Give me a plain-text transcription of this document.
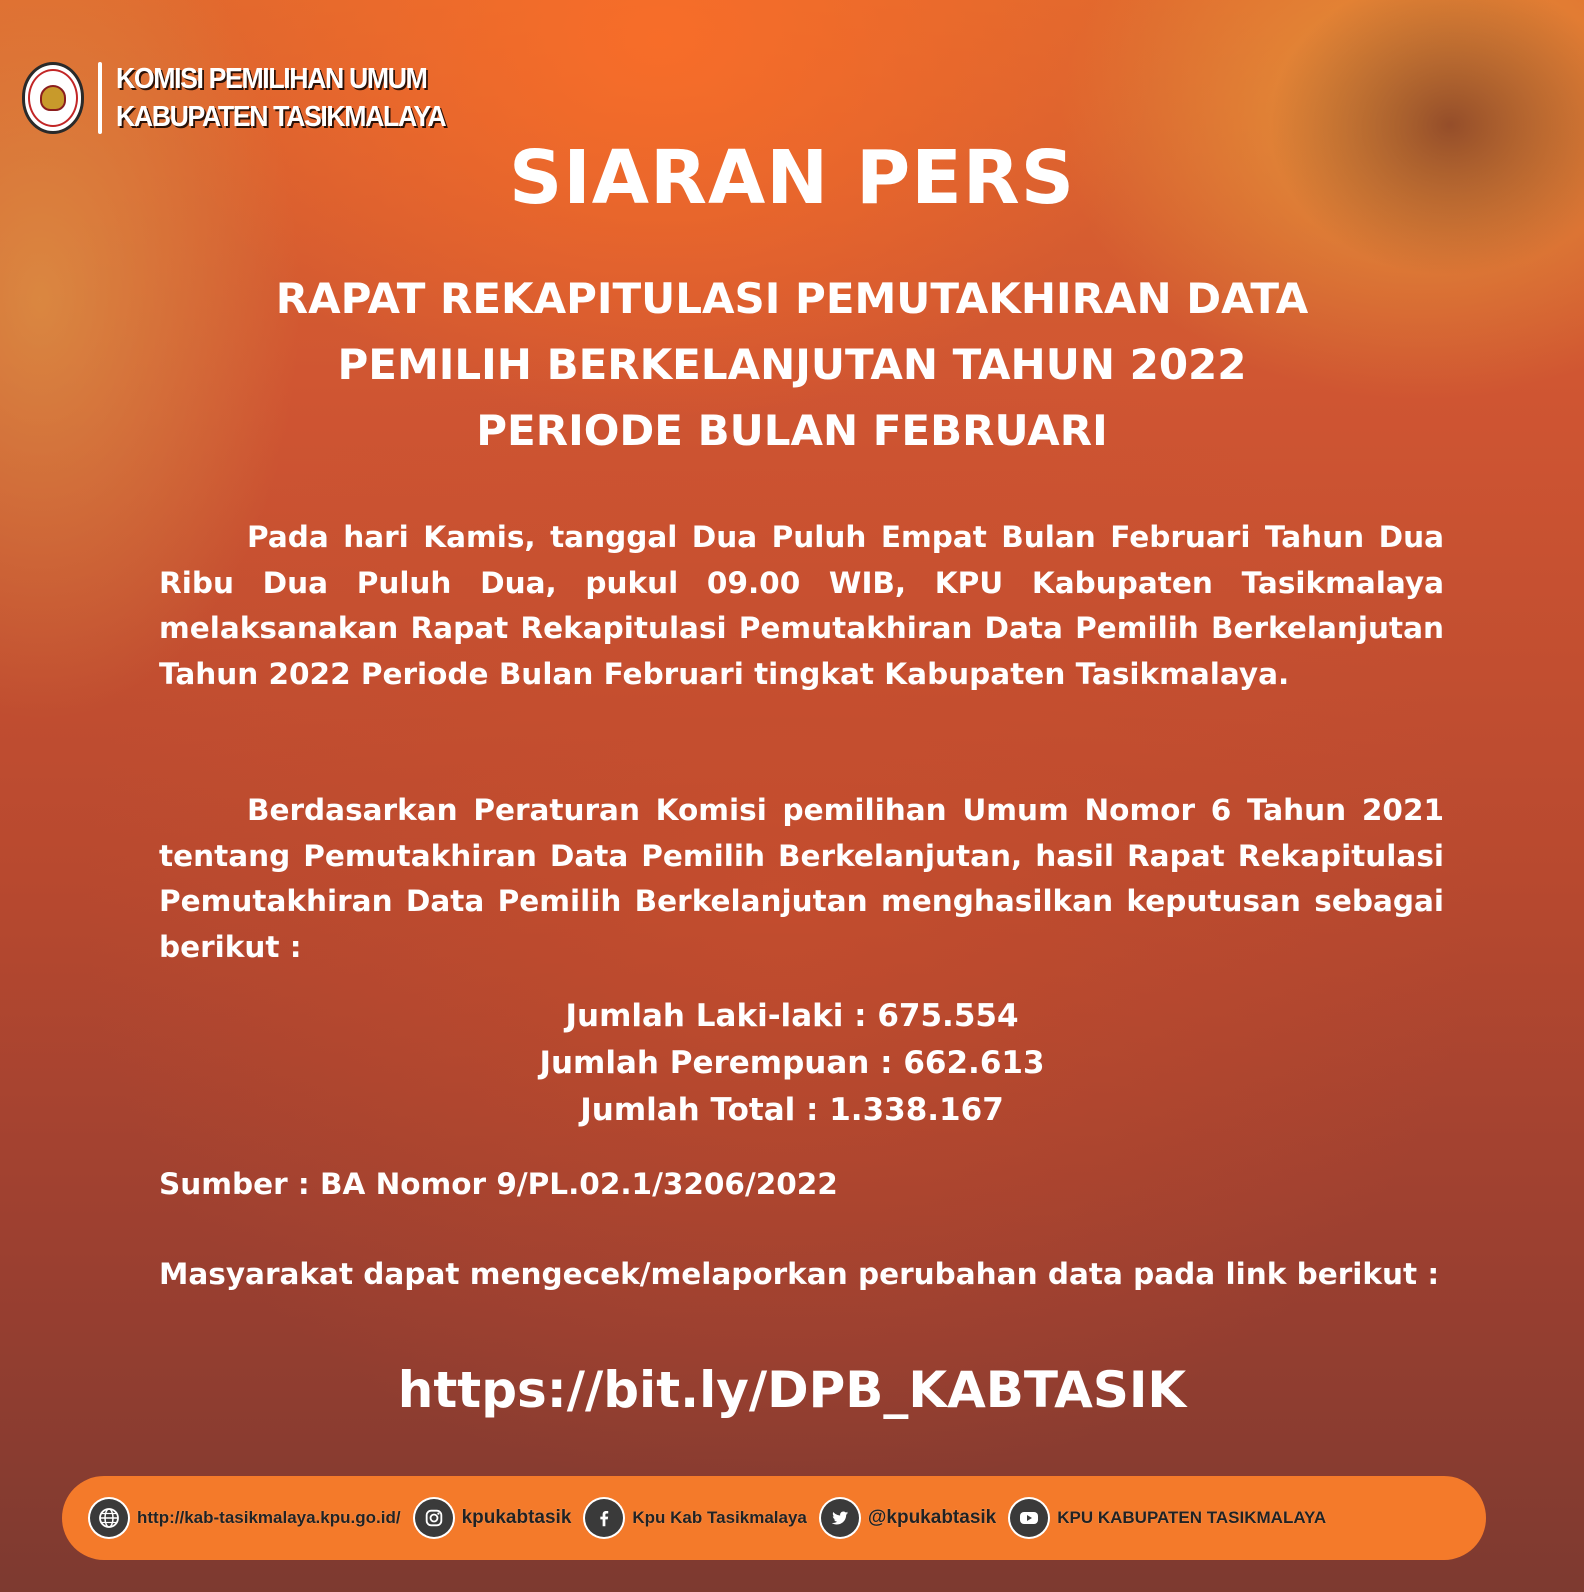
KOMISI PEMILIHAN UMUM
KABUPATEN TASIKMALAYA
SIARAN PERS
RAPAT REKAPITULASI PEMUTAKHIRAN DATA
PEMILIH BERKELANJUTAN TAHUN 2022
PERIODE BULAN FEBRUARI
Pada hari Kamis, tanggal Dua Puluh Empat Bulan Februari Tahun Dua Ribu Dua Puluh Dua, pukul 09.00 WIB, KPU Kabupaten Tasikmalaya melaksanakan Rapat Rekapitulasi Pemutakhiran Data Pemilih Berkelanjutan Tahun 2022 Periode Bulan Februari tingkat Kabupaten Tasikmalaya.
Berdasarkan Peraturan Komisi pemilihan Umum Nomor 6 Tahun 2021 tentang Pemutakhiran Data Pemilih Berkelanjutan, hasil Rapat Rekapitulasi Pemutakhiran Data Pemilih Berkelanjutan menghasilkan keputusan sebagai berikut :
Jumlah Laki-laki : 675.554
Jumlah Perempuan : 662.613
Jumlah Total : 1.338.167
Sumber : BA Nomor 9/PL.02.1/3206/2022
Masyarakat dapat mengecek/melaporkan perubahan data pada link berikut :
https://bit.ly/DPB_KABTASIK
http://kab-tasikmalaya.kpu.go.id/	kpukabtasik	Kpu Kab Tasikmalaya	@kpukabtasik	KPU KABUPATEN TASIKMALAYA
